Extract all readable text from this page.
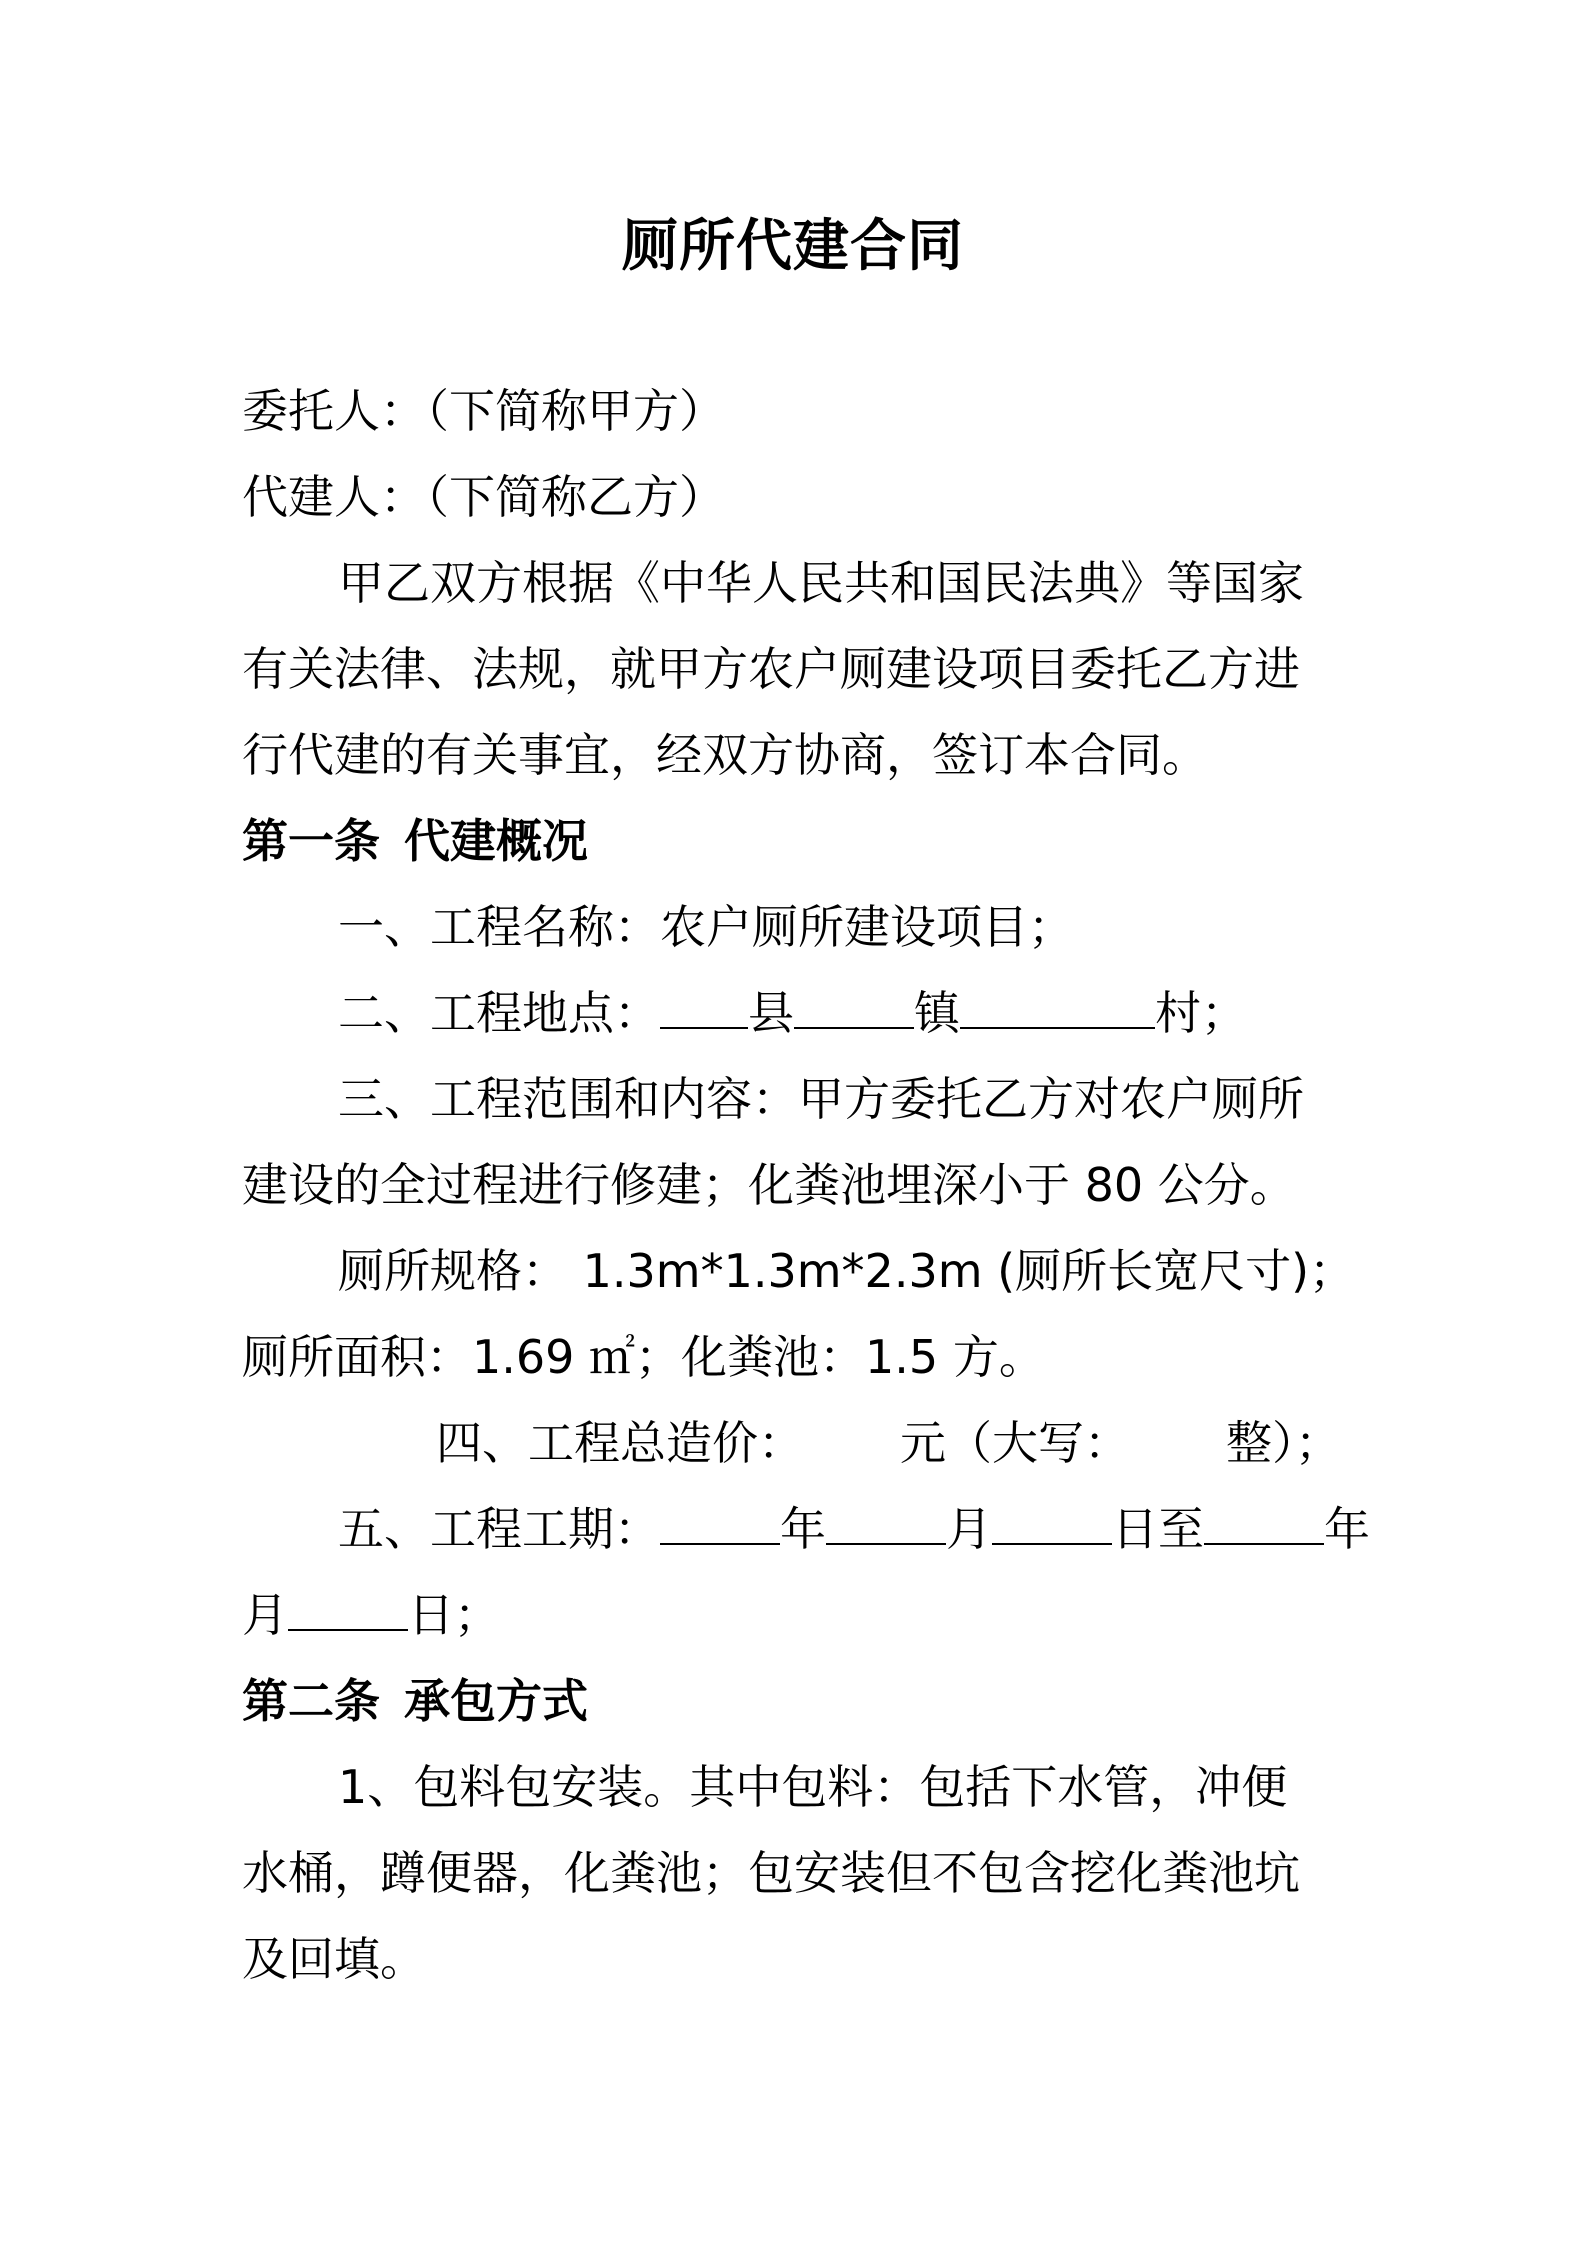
厕所代建合同

委托人：（下简称甲方）

代建人：（下简称乙方）

甲乙双方根据《中华人民共和国民法典》等国家

有关法律、法规，就甲方农户厕建设项目委托乙方进

行代建的有关事宜，经双方协商，签订本合同。

第一条 代建概况

一、工程名称：农户厕所建设项目；

二、工程地点： 县	镇	村；

三、工程范围和内容：甲方委托乙方对农户厕所

建设的全过程进行修建；化粪池埋深小于 80 公分。

厕所规格： 1.3m*1.3m*2.3m (厕所长宽尺寸)；

厕所面积：1.69 ㎡；化粪池：1.5 方。

四、工程总造价： 元（大写： 整）；

五、工程工期：	年	月	日至	年

月	日；

第二条 承包方式

1、包料包安装。其中包料：包括下水管，冲便

水桶，蹲便器，化粪池；包安装但不包含挖化粪池坑

及回填。
